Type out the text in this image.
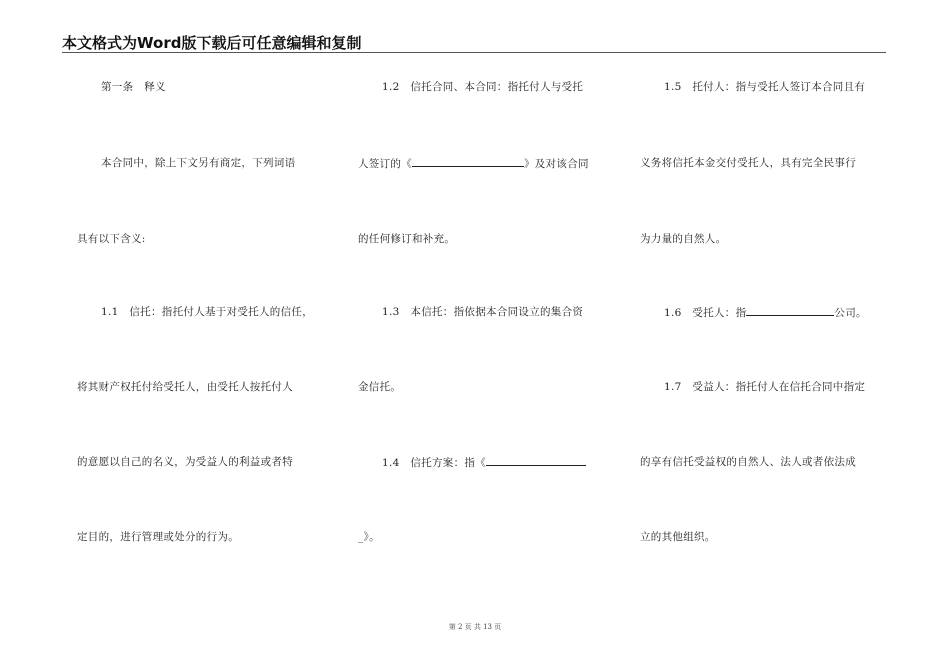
本文格式为Word版下载后可任意编辑和复制
第一条　释义
本合同中，除上下文另有商定，下列词语
具有以下含义:
1.1　信托：指托付人基于对受托人的信任，
将其财产权托付给受托人，由受托人按托付人
的意愿以自己的名义，为受益人的利益或者特
定目的，进行管理或处分的行为。
1.2　信托合同、本合同：指托付人与受托
人签订的《	》及对该合同
的任何修订和补充。
1.3　本信托：指依据本合同设立的集合资
金信托。
1.4　信托方案：指《
_》。
1.5　托付人：指与受托人签订本合同且有
义务将信托本金交付受托人，具有完全民事行
为力量的自然人。
1.6　受托人：指	公司。
1.7　受益人：指托付人在信托合同中指定
的享有信托受益权的自然人、法人或者依法成
立的其他组织。
第 2 页 共 13 页
